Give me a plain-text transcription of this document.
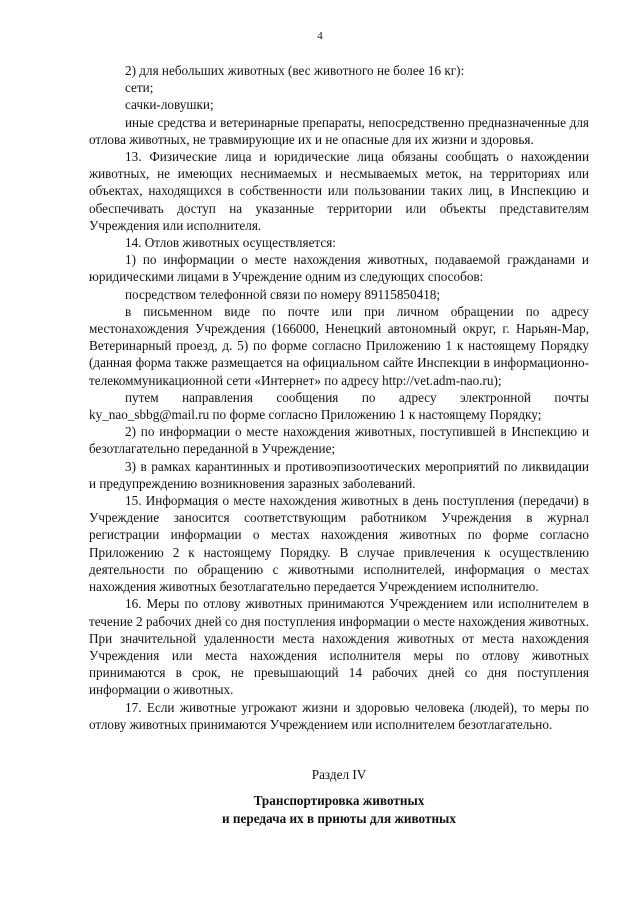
4

2) для небольших животных (вес животного не более 16 кг):

сети;

сачки-ловушки;

иные средства и ветеринарные препараты, непосредственно предназначенные для отлова животных, не травмирующие их и не опасные для их жизни и здоровья.

13. Физические лица и юридические лица обязаны сообщать о нахождении животных, не имеющих неснимаемых и несмываемых меток, на территориях или объектах, находящихся в собственности или пользовании таких лиц, в Инспекцию и обеспечивать доступ на указанные территории или объекты представителям Учреждения или исполнителя.

14. Отлов животных осуществляется:

1) по информации о месте нахождения животных, подаваемой гражданами и юридическими лицами в Учреждение одним из следующих способов:

посредством телефонной связи по номеру 89115850418;

в письменном виде по почте или при личном обращении по адресу местонахождения Учреждения (166000, Ненецкий автономный округ, г. Нарьян-Мар, Ветеринарный проезд, д. 5) по форме согласно Приложению 1 к настоящему Порядку (данная форма также размещается на официальном сайте Инспекции в информационно-телекоммуникационной сети «Интернет» по адресу http://vet.adm-nao.ru);

путем направления сообщения по адресу электронной почты ky_nao_sbbg@mail.ru по форме согласно Приложению 1 к настоящему Порядку;

2) по информации о месте нахождения животных, поступившей в Инспекцию и безотлагательно переданной в Учреждение;

3) в рамках карантинных и противоэпизоотических мероприятий по ликвидации и предупреждению возникновения заразных заболеваний.

15. Информация о месте нахождения животных в день поступления (передачи) в Учреждение заносится соответствующим работником Учреждения в журнал регистрации информации о местах нахождения животных по форме согласно Приложению 2 к настоящему Порядку. В случае привлечения к осуществлению деятельности по обращению с животными исполнителей, информация о местах нахождения животных безотлагательно передается Учреждением исполнителю.

16. Меры по отлову животных принимаются Учреждением или исполнителем в течение 2 рабочих дней со дня поступления информации о месте нахождения животных. При значительной удаленности места нахождения животных от места нахождения Учреждения или места нахождения исполнителя меры по отлову животных принимаются в срок, не превышающий 14 рабочих дней со дня поступления информации о животных.

17. Если животные угрожают жизни и здоровью человека (людей), то меры по отлову животных принимаются Учреждением или исполнителем безотлагательно.

Раздел IV
Транспортировка животных
и передача их в приюты для животных
